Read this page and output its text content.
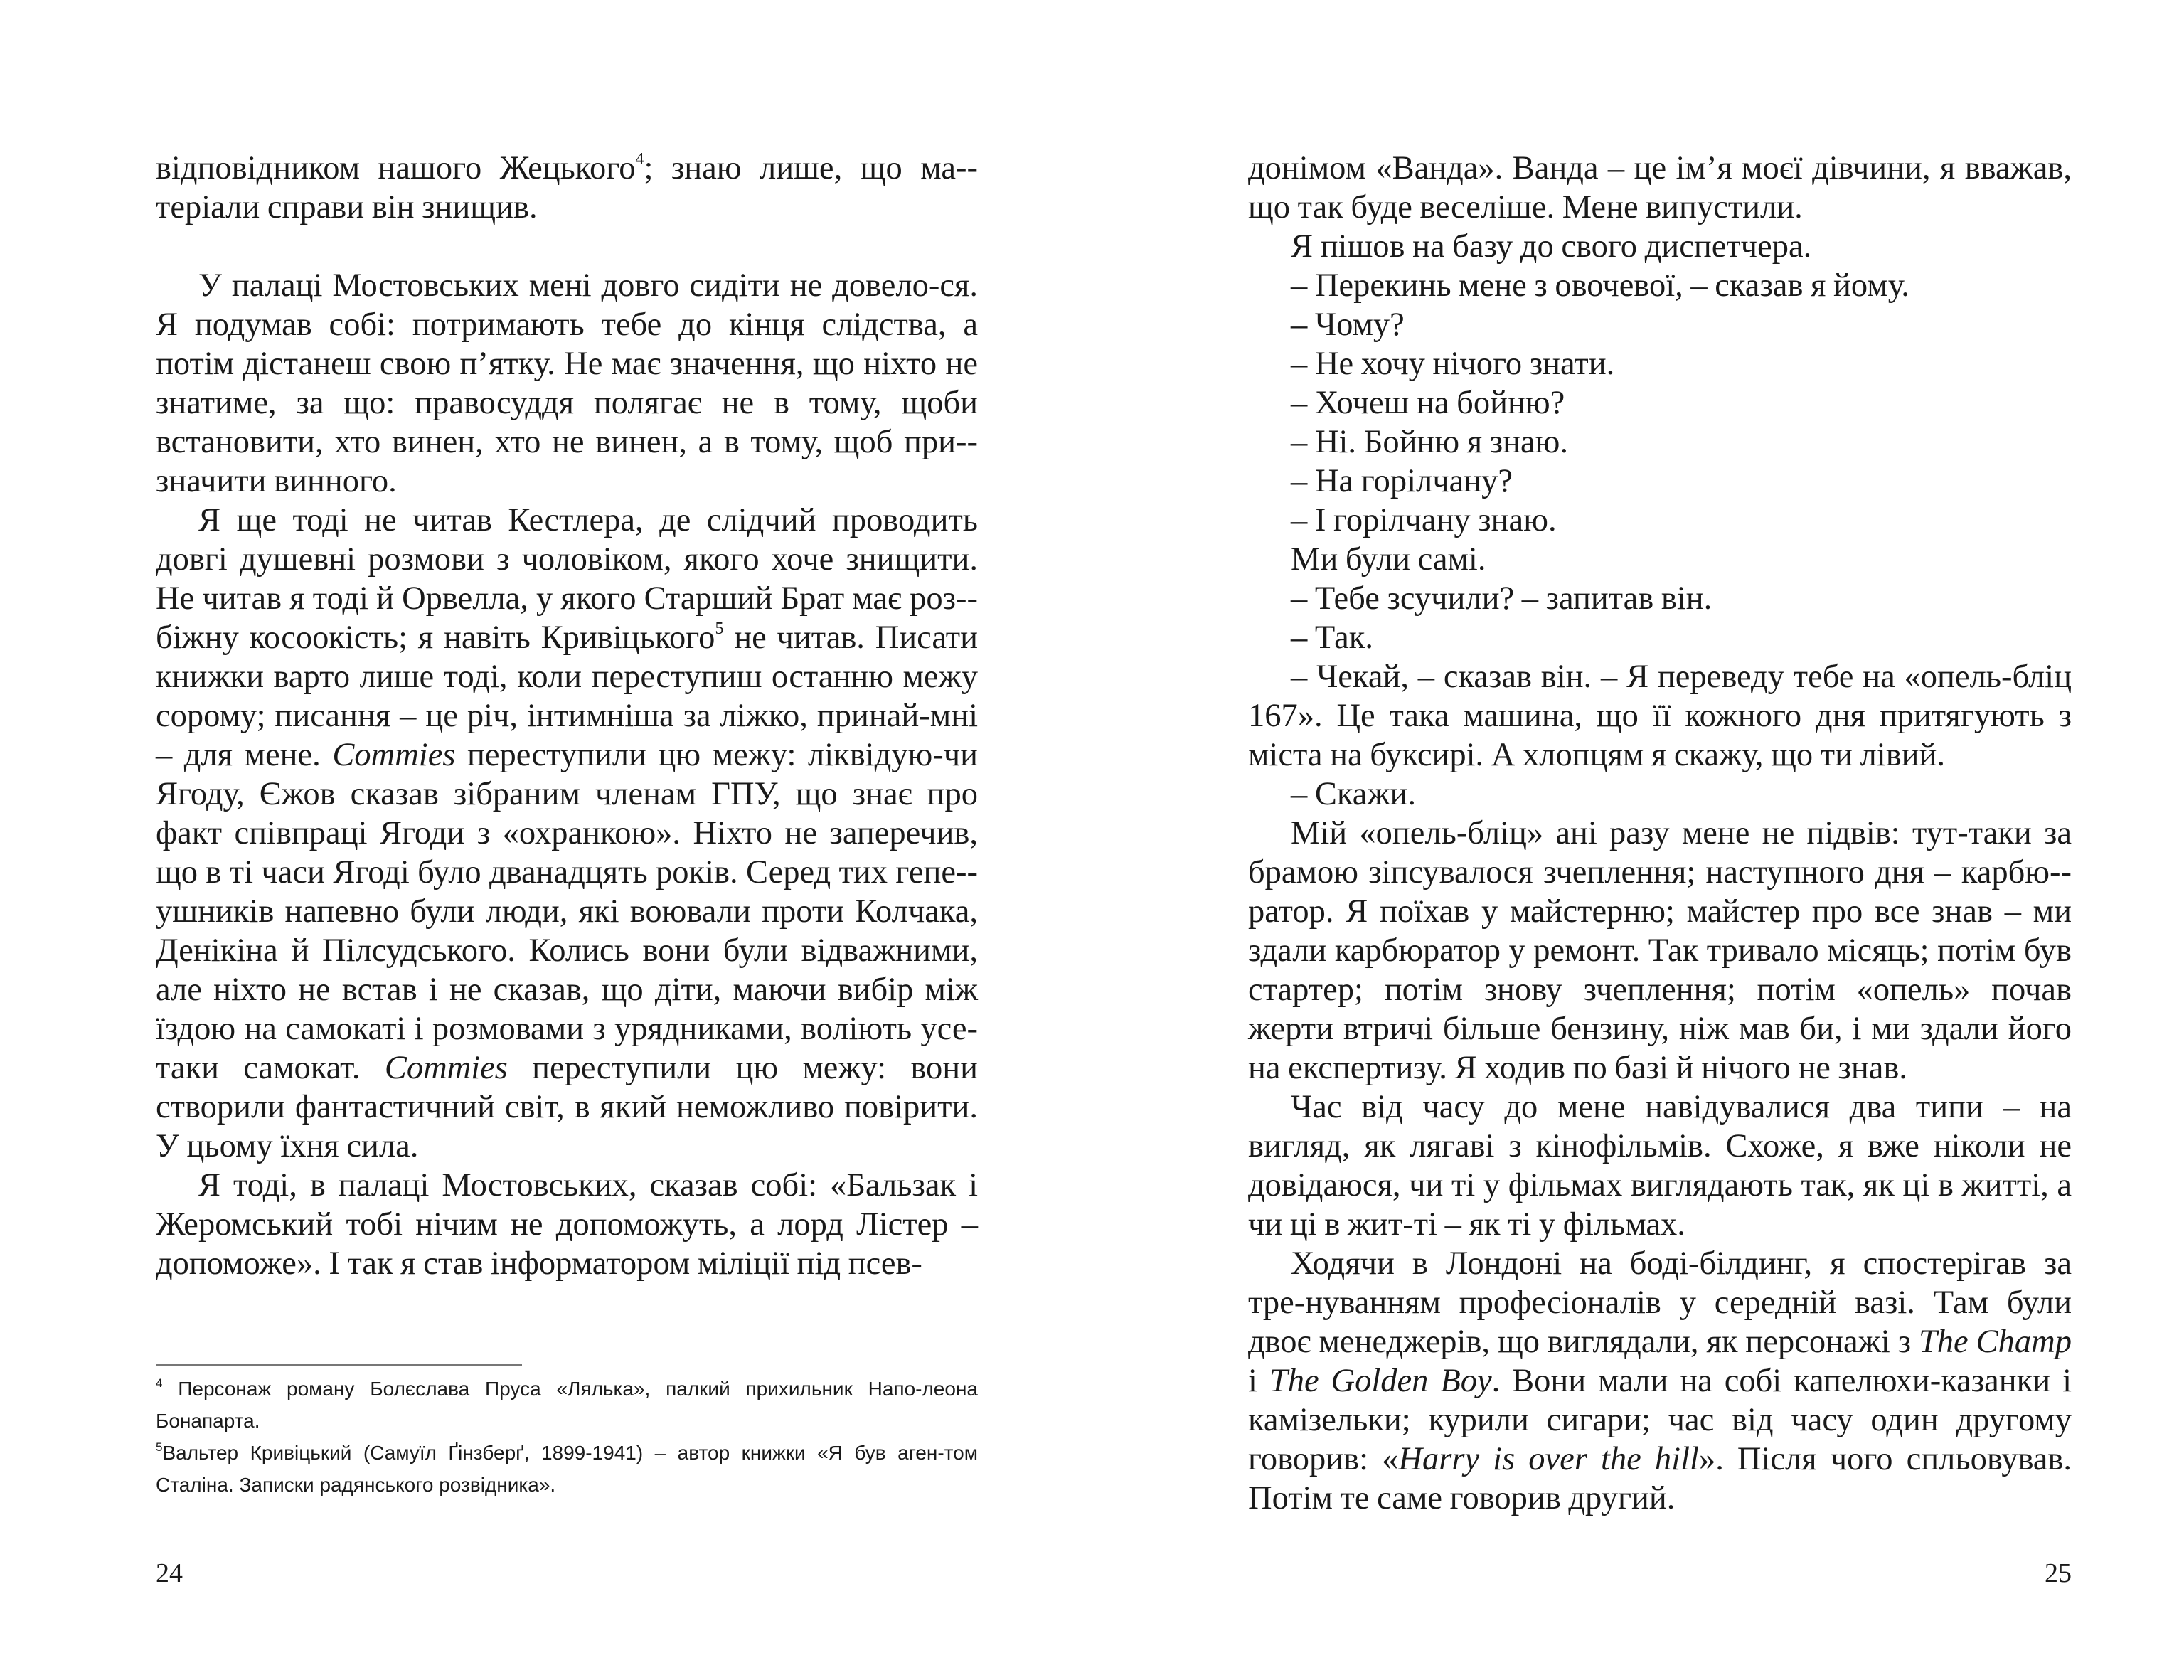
відповідником нашого Жецького$^4$; знаю лише, що ма-теріали справи він знищив.

У палаці Мостовських мені довго сидіти не довело-ся. Я подумав собі: потримають тебе до кінця слідства, а потім дістанеш свою п’ятку. Не має значення, що ніхто не знатиме, за що: правосуддя полягає не в тому, щоби встановити, хто винен, хто не винен, а в тому, щоб при-значити винного.

Я ще тоді не читав Кестлера, де слідчий проводить довгі душевні розмови з чоловіком, якого хоче знищити. Не читав я тоді й Орвелла, у якого Старший Брат має роз-біжну косоокість; я навіть Кривіцького$^5$ не читав. Писати книжки варто лише тоді, коли переступиш останню межу сорому; писання – це річ, інтимніша за ліжко, принай-мні – для мене. Commies переступили цю межу: ліквідую-чи Ягоду, Єжов сказав зібраним членам ГПУ, що знає про факт співпраці Ягоди з «охранкою». Ніхто не заперечив, що в ті часи Ягоді було дванадцять років. Серед тих гепе-ушників напевно були люди, які воювали проти Колчака, Денікіна й Пілсудського. Колись вони були відважними, але ніхто не встав і не сказав, що діти, маючи вибір між їздою на самокаті і розмовами з урядниками, воліють усе-таки самокат. Commies переступили цю межу: вони створили фантастичний світ, в який неможливо повірити. У цьому їхня сила.

Я тоді, в палаці Мостовських, сказав собі: «Бальзак і Жеромський тобі нічим не допоможуть, а лорд Лістер – допоможе». І так я став інформатором міліції під псев-

$^4$ Персонаж роману Болєслава Пруса «Лялька», палкий прихильник Напо-леона Бонапарта.

$^5$Вальтер Кривіцький (Самуїл Ґінзберґ, 1899-1941) – автор книжки «Я був аген-том Сталіна. Записки радянського розвідника».

24

донімом «Ванда». Ванда – це ім’я моєї дівчини, я вважав, що так буде веселіше. Мене випустили.

Я пішов на базу до свого диспетчера.

– Перекинь мене з овочевої, – сказав я йому.

– Чому?

– Не хочу нічого знати.

– Хочеш на бойню?

– Ні. Бойню я знаю.

– На горілчану?

– І горілчану знаю.

Ми були самі.

– Тебе зсучили? – запитав він.

– Так.

– Чекай, – сказав він. – Я переведу тебе на «опель-бліц 167». Це така машина, що її кожного дня притягують з міста на буксирі. А хлопцям я скажу, що ти лівий.

– Скажи.

Мій «опель-бліц» ані разу мене не підвів: тут-таки за брамою зіпсувалося зчеплення; наступного дня – карбю-ратор. Я поїхав у майстерню; майстер про все знав – ми здали карбюратор у ремонт. Так тривало місяць; потім був стартер; потім знову зчеплення; потім «опель» почав жерти втричі більше бензину, ніж мав би, і ми здали його на експертизу. Я ходив по базі й нічого не знав.

Час від часу до мене навідувалися два типи – на вигляд, як лягаві з кінофільмів. Схоже, я вже ніколи не довідаюся, чи ті у фільмах виглядають так, як ці в житті, а чи ці в жит-ті – як ті у фільмах.

Ходячи в Лондоні на боді-білдинг, я спостерігав за тре-нуванням професіоналів у середній вазі. Там були двоє менеджерів, що виглядали, як персонажі з The Champ і The Golden Boy. Вони мали на собі капелюхи-казанки і камізельки; курили сигари; час від часу один другому говорив: «Harry is over the hill». Після чого спльовував. Потім те саме говорив другий.

25
